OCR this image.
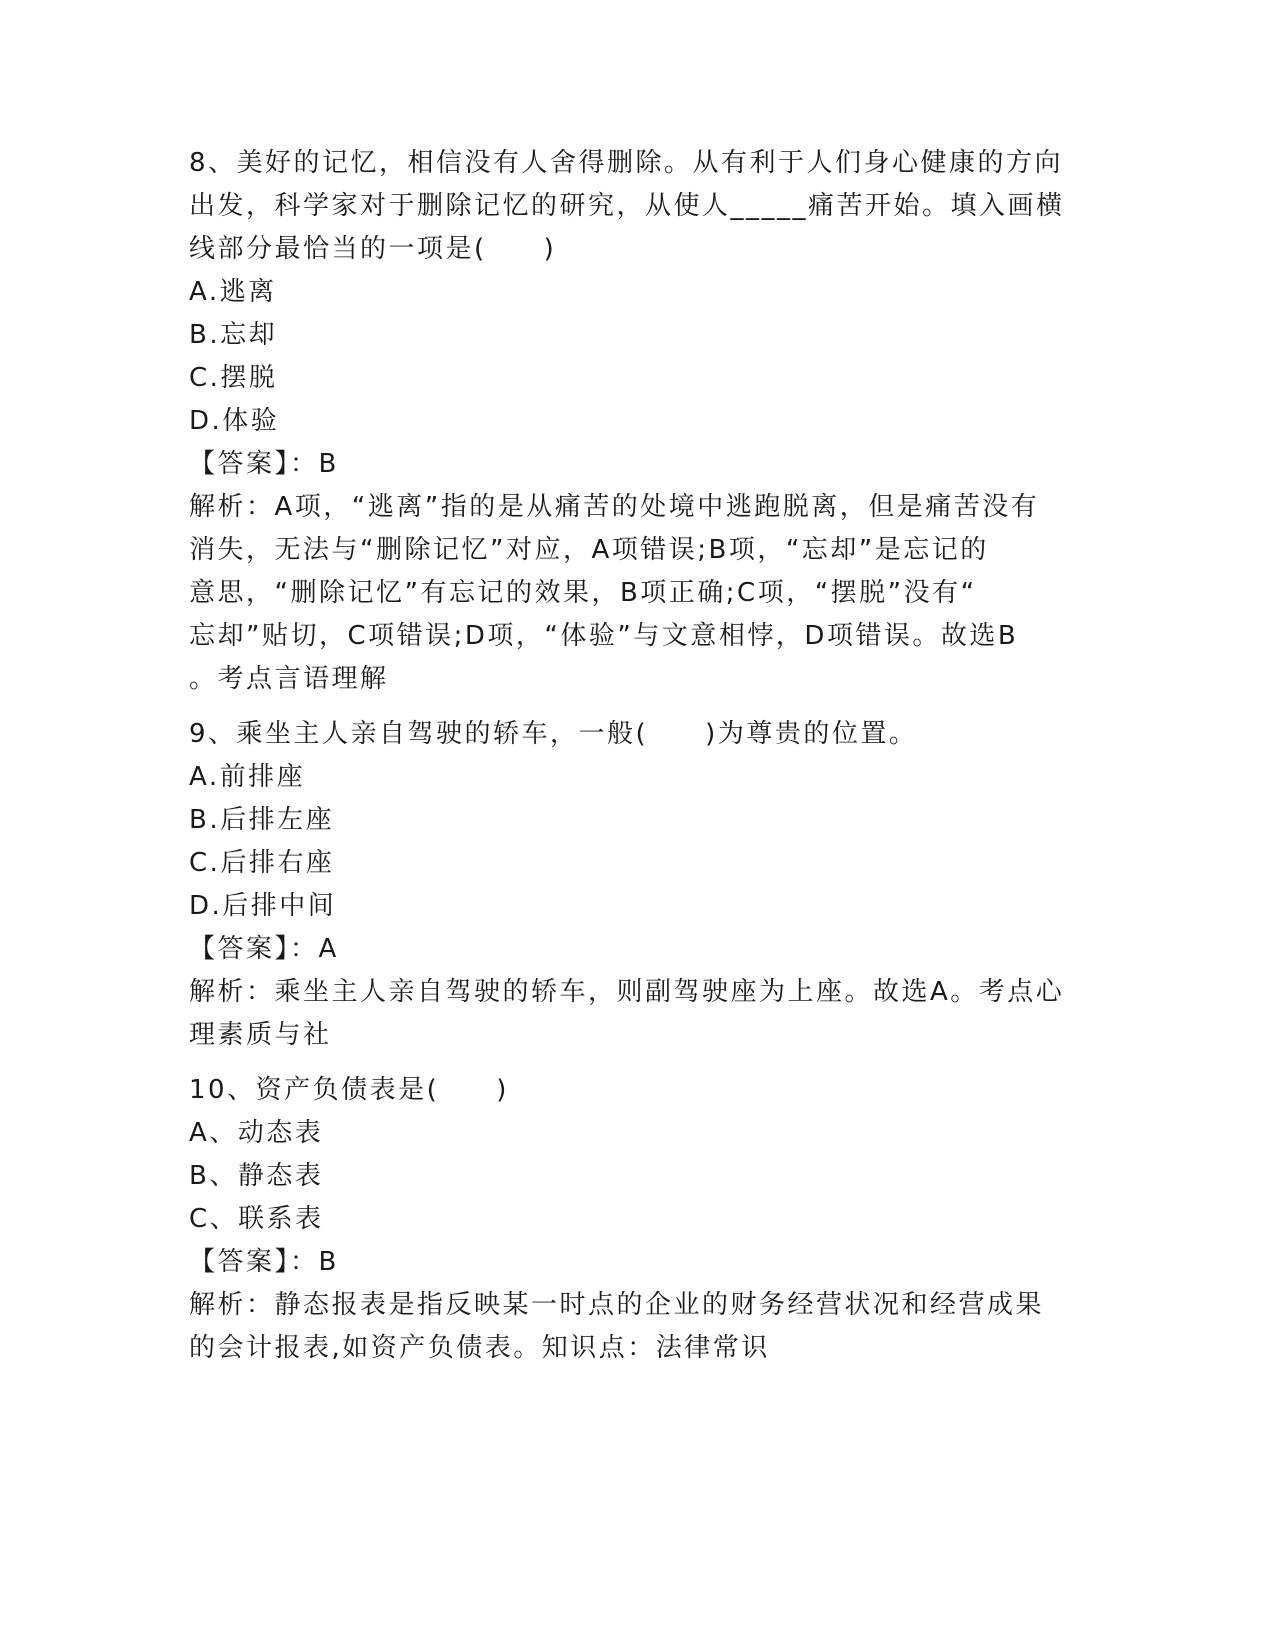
8、美好的记忆，相信没有人舍得删除。从有利于人们身心健康的方向
出发，科学家对于删除记忆的研究，从使人_____痛苦开始。填入画横
线部分最恰当的一项是(　　)
A.逃离
B.忘却
C.摆脱
D.体验
【答案】：B
解析：A项，“逃离”指的是从痛苦的处境中逃跑脱离，但是痛苦没有
消失，无法与“删除记忆”对应，A项错误;B项，“忘却”是忘记的
意思，“删除记忆”有忘记的效果，B项正确;C项，“摆脱”没有“
忘却”贴切，C项错误;D项，“体验”与文意相悖，D项错误。故选B
。考点言语理解
9、乘坐主人亲自驾驶的轿车，一般(　　)为尊贵的位置。
A.前排座
B.后排左座
C.后排右座
D.后排中间
【答案】：A
解析：乘坐主人亲自驾驶的轿车，则副驾驶座为上座。故选A。考点心
理素质与社
10、资产负债表是(　　)
A、动态表
B、静态表
C、联系表
【答案】：B
解析：静态报表是指反映某一时点的企业的财务经营状况和经营成果
的会计报表,如资产负债表。知识点：法律常识
